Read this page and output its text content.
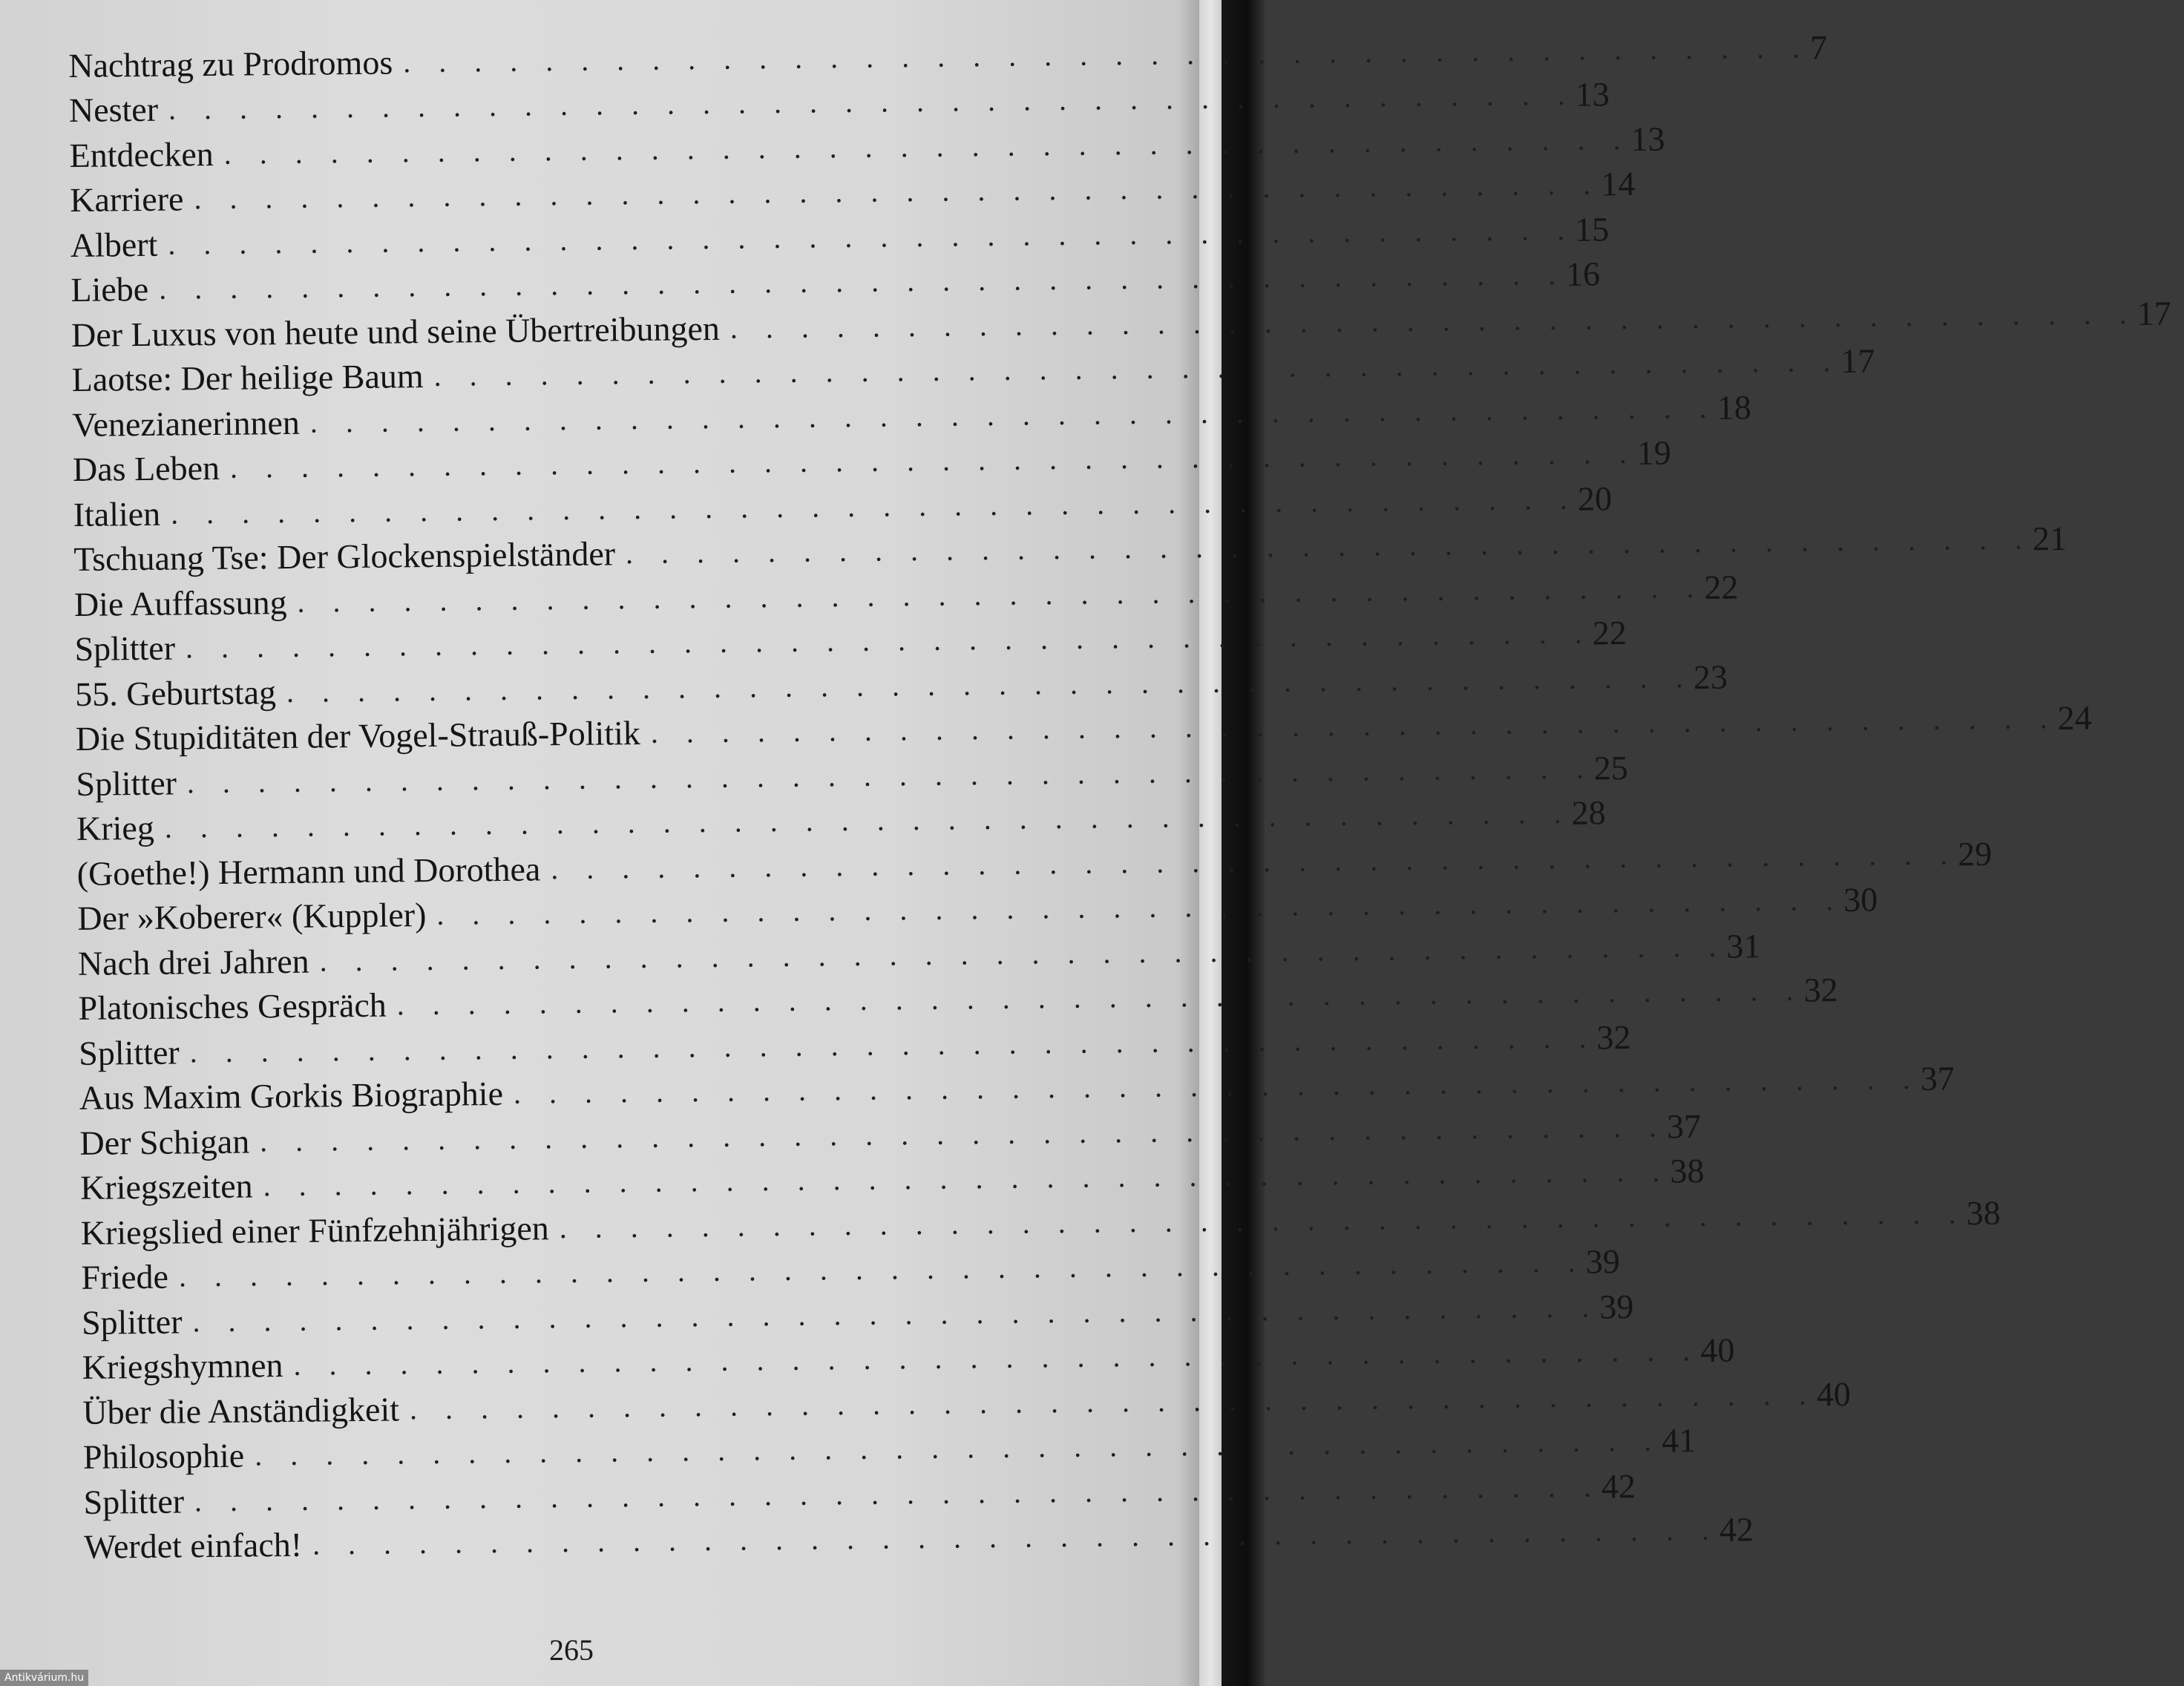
Nachtrag zu Prodromos . . . . . . . . . . . . . . . . . . . . . . . . . . . . . . . . . . . . . . . . 7
Nester . . . . . . . . . . . . . . . . . . . . . . . . . . . . . . . . . . . . . . . . 13
Entdecken . . . . . . . . . . . . . . . . . . . . . . . . . . . . . . . . . . . . . . . . 13
Karriere . . . . . . . . . . . . . . . . . . . . . . . . . . . . . . . . . . . . . . . . 14
Albert . . . . . . . . . . . . . . . . . . . . . . . . . . . . . . . . . . . . . . . . 15
Liebe . . . . . . . . . . . . . . . . . . . . . . . . . . . . . . . . . . . . . . . . 16
Der Luxus von heute und seine Übertreibungen . . . . . . . . . . . . . . . . . . . . . . . . . . . . . . . . . . . . . . . . 17
Laotse: Der heilige Baum . . . . . . . . . . . . . . . . . . . . . . . . . . . . . . . . . . . . . . . . 17
Venezianerinnen . . . . . . . . . . . . . . . . . . . . . . . . . . . . . . . . . . . . . . . . 18
Das Leben . . . . . . . . . . . . . . . . . . . . . . . . . . . . . . . . . . . . . . . . 19
Italien . . . . . . . . . . . . . . . . . . . . . . . . . . . . . . . . . . . . . . . . 20
Tschuang Tse: Der Glockenspielständer . . . . . . . . . . . . . . . . . . . . . . . . . . . . . . . . . . . . . . . . 21
Die Auffassung . . . . . . . . . . . . . . . . . . . . . . . . . . . . . . . . . . . . . . . . 22
Splitter . . . . . . . . . . . . . . . . . . . . . . . . . . . . . . . . . . . . . . . . 22
55. Geburtstag . . . . . . . . . . . . . . . . . . . . . . . . . . . . . . . . . . . . . . . . 23
Die Stupiditäten der Vogel-Strauß-Politik . . . . . . . . . . . . . . . . . . . . . . . . . . . . . . . . . . . . . . . . 24
Splitter . . . . . . . . . . . . . . . . . . . . . . . . . . . . . . . . . . . . . . . . 25
Krieg . . . . . . . . . . . . . . . . . . . . . . . . . . . . . . . . . . . . . . . . 28
(Goethe!) Hermann und Dorothea . . . . . . . . . . . . . . . . . . . . . . . . . . . . . . . . . . . . . . . . 29
Der »Koberer« (Kuppler) . . . . . . . . . . . . . . . . . . . . . . . . . . . . . . . . . . . . . . . . 30
Nach drei Jahren . . . . . . . . . . . . . . . . . . . . . . . . . . . . . . . . . . . . . . . . 31
Platonisches Gespräch . . . . . . . . . . . . . . . . . . . . . . . . . . . . . . . . . . . . . . . . 32
Splitter . . . . . . . . . . . . . . . . . . . . . . . . . . . . . . . . . . . . . . . . 32
Aus Maxim Gorkis Biographie . . . . . . . . . . . . . . . . . . . . . . . . . . . . . . . . . . . . . . . . 37
Der Schigan . . . . . . . . . . . . . . . . . . . . . . . . . . . . . . . . . . . . . . . . 37
Kriegszeiten . . . . . . . . . . . . . . . . . . . . . . . . . . . . . . . . . . . . . . . . 38
Kriegslied einer Fünfzehnjährigen . . . . . . . . . . . . . . . . . . . . . . . . . . . . . . . . . . . . . . . . 38
Friede . . . . . . . . . . . . . . . . . . . . . . . . . . . . . . . . . . . . . . . . 39
Splitter . . . . . . . . . . . . . . . . . . . . . . . . . . . . . . . . . . . . . . . . 39
Kriegshymnen . . . . . . . . . . . . . . . . . . . . . . . . . . . . . . . . . . . . . . . . 40
Über die Anständigkeit . . . . . . . . . . . . . . . . . . . . . . . . . . . . . . . . . . . . . . . . 40
Philosophie . . . . . . . . . . . . . . . . . . . . . . . . . . . . . . . . . . . . . . . . 41
Splitter . . . . . . . . . . . . . . . . . . . . . . . . . . . . . . . . . . . . . . . . 42
Werdet einfach! . . . . . . . . . . . . . . . . . . . . . . . . . . . . . . . . . . . . . . . . 42
265
Antikvárium.hu
